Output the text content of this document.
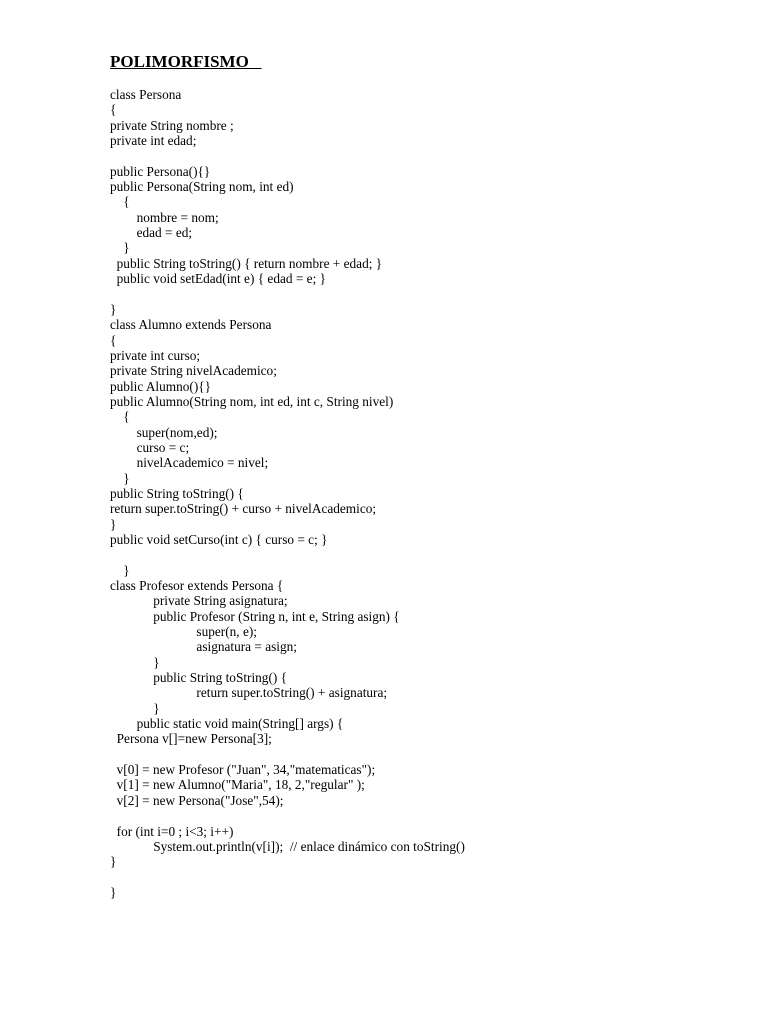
POLIMORFISMO
class Persona
{
private String nombre ;
private int edad;
public Persona(){}
public Persona(String nom, int ed)
{
nombre = nom;
edad = ed;
}
public String toString() { return nombre + edad; }
public void setEdad(int e) { edad = e; }
}
class Alumno extends Persona
{
private int curso;
private String nivelAcademico;
public Alumno(){}
public Alumno(String nom, int ed, int c, String nivel)
{
super(nom,ed);
curso = c;
nivelAcademico = nivel;
}
public String toString() {
return super.toString() + curso + nivelAcademico;
}
public void setCurso(int c) { curso = c; }
}
class Profesor extends Persona {
private String asignatura;
public Profesor (String n, int e, String asign) {
super(n, e);
asignatura = asign;
}
public String toString() {
return super.toString() + asignatura;
}
public static void main(String[] args) {
Persona v[]=new Persona[3];
v[0] = new Profesor ("Juan", 34,"matematicas");
v[1] = new Alumno("Maria", 18, 2,"regular" );
v[2] = new Persona("Jose",54);
for (int i=0 ; i<3; i++)
System.out.println(v[i]);  // enlace dinámico con toString()
}
}
